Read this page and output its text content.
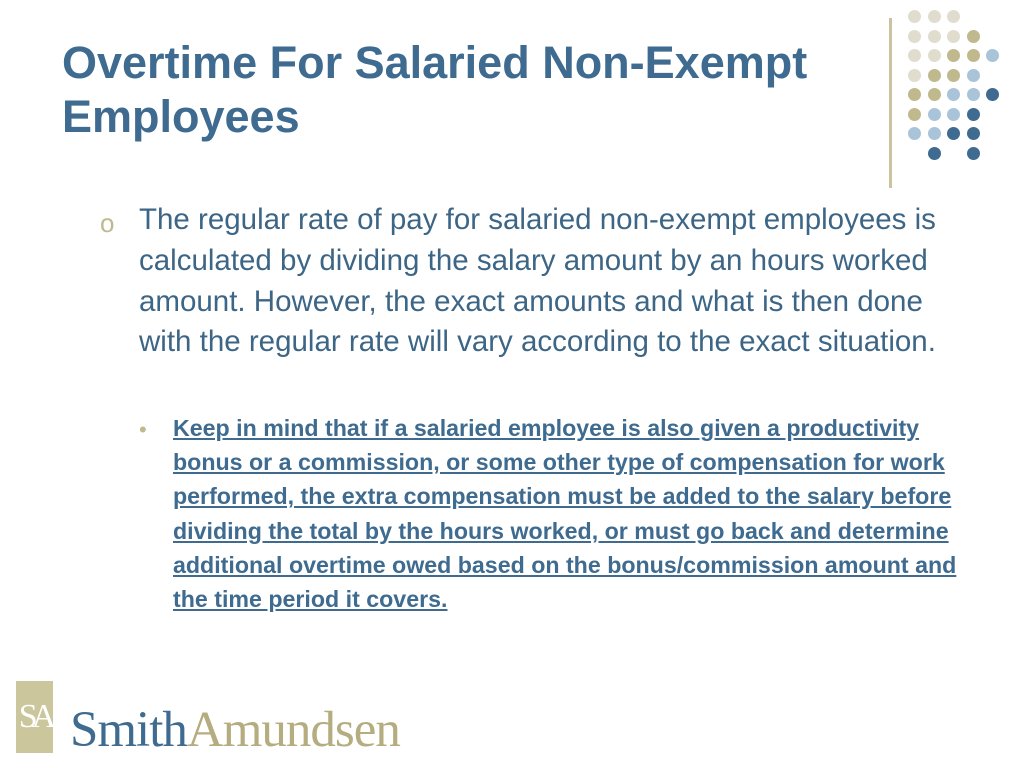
Overtime For Salaried Non-Exempt Employees
o The regular rate of pay for salaried non-exempt employees is calculated by dividing the salary amount by an hours worked amount. However, the exact amounts and what is then done with the regular rate will vary according to the exact situation.
• Keep in mind that if a salaried employee is also given a productivity bonus or a commission, or some other type of compensation for work performed, the extra compensation must be added to the salary before dividing the total by the hours worked, or must go back and determine additional overtime owed based on the bonus/commission amount and the time period it covers.
SA SmithAmundsen
